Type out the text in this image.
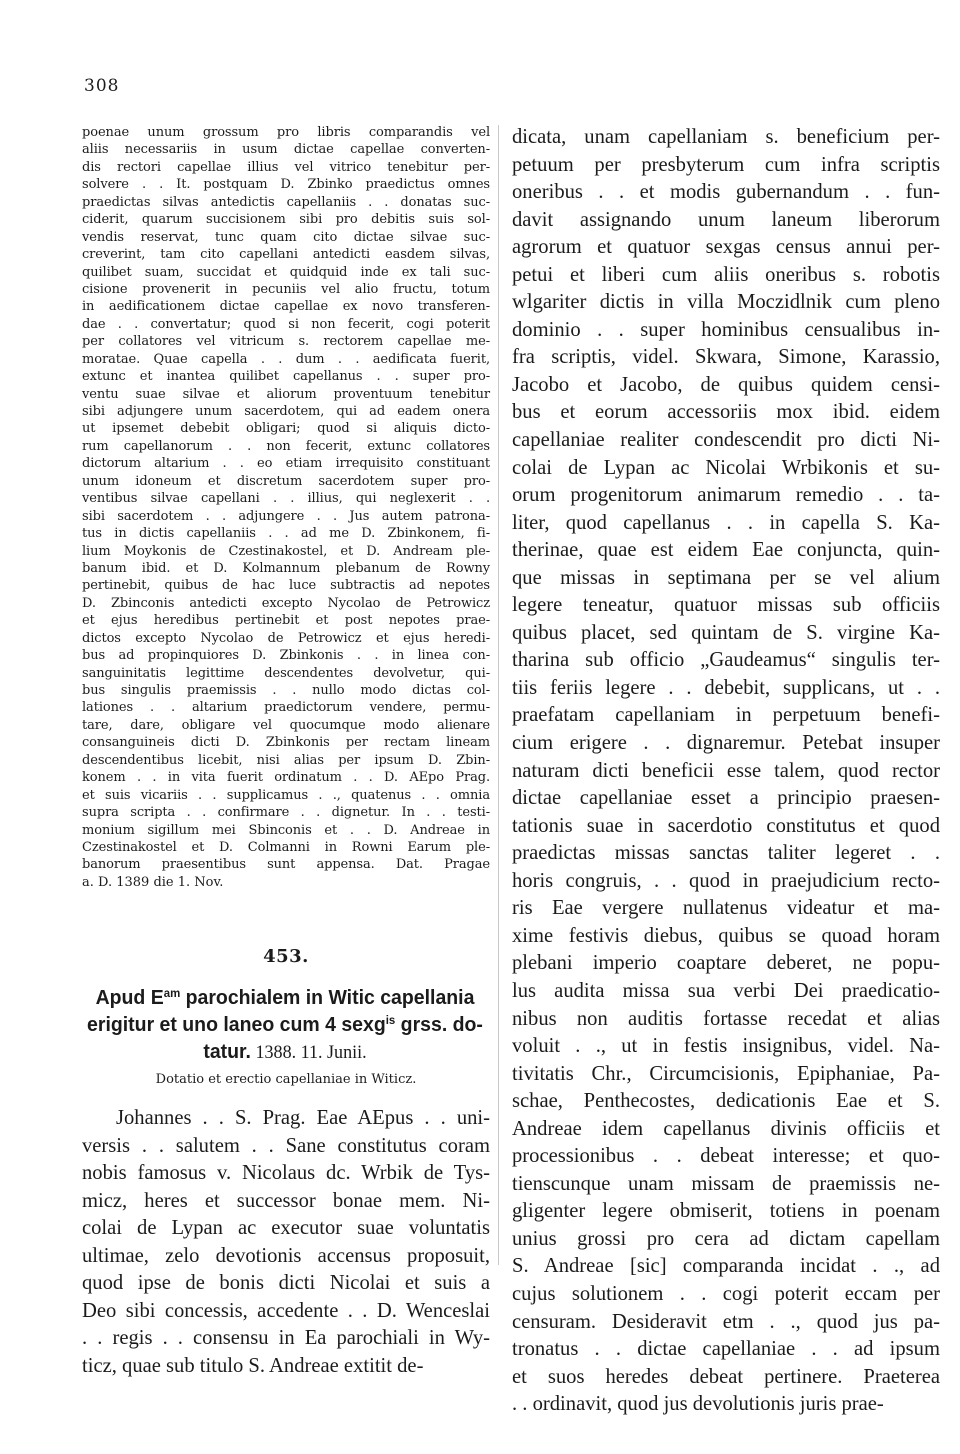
308
poenae unum grossum pro libris comparandis vel
aliis necessariis in usum dictae capellae converten-
dis rectori capellae illius vel vitrico tenebitur per-
solvere . . It. postquam D. Zbinko praedictus omnes
praedictas silvas antedictis capellaniis . . donatas suc-
ciderit, quarum succisionem sibi pro debitis suis sol-
vendis reservat, tunc quam cito dictae silvae suc-
creverint, tam cito capellani antedicti easdem silvas,
quilibet suam, succidat et quidquid inde ex tali suc-
cisione provenerit in pecuniis vel alio fructu, totum
in aedificationem dictae capellae ex novo transferen-
dae . . convertatur; quod si non fecerit, cogi poterit
per collatores vel vitricum s. rectorem capellae me-
moratae. Quae capella . . dum . . aedificata fuerit,
extunc et inantea quilibet capellanus . . super pro-
ventu suae silvae et aliorum proventuum tenebitur
sibi adjungere unum sacerdotem, qui ad eadem onera
ut ipsemet debebit obligari; quod si aliquis dicto-
rum capellanorum . . non fecerit, extunc collatores
dictorum altarium . . eo etiam irrequisito constituant
unum idoneum et discretum sacerdotem super pro-
ventibus silvae capellani . . illius, qui neglexerit . .
sibi sacerdotem . . adjungere . . Jus autem patrona-
tus in dictis capellaniis . . ad me D. Zbinkonem, fi-
lium Moykonis de Czestinakostel, et D. Andream ple-
banum ibid. et D. Kolmannum plebanum de Rowny
pertinebit, quibus de hac luce subtractis ad nepotes
D. Zbinconis antedicti excepto Nycolao de Petrowicz
et ejus heredibus pertinebit et post nepotes prae-
dictos excepto Nycolao de Petrowicz et ejus heredi-
bus ad propinquiores D. Zbinkonis . . in linea con-
sanguinitatis legittime descendentes devolvetur, qui-
bus singulis praemissis . . nullo modo dictas col-
lationes . . altarium praedictorum vendere, permu-
tare, dare, obligare vel quocumque modo alienare
consanguineis dicti D. Zbinkonis per rectam lineam
descendentibus licebit, nisi alias per ipsum D. Zbin-
konem . . in vita fuerit ordinatum . . D. AEpo Prag.
et suis vicariis . . supplicamus . ., quatenus . . omnia
supra scripta . . confirmare . . dignetur. In . . testi-
monium sigillum mei Sbinconis et . . D. Andreae in
Czestinakostel et D. Colmanni in Rowni Earum ple-
banorum praesentibus sunt appensa. Dat. Pragae
a. D. 1389 die 1. Nov.
453.
Apud $E^{am}$ parochialem in Witic capellania
erigitur et uno laneo cum 4 sexg$^{is}$ grss. do-
tatur. 1388. 11. Junii.
Dotatio et erectio capellaniae in Witicz.
Johannes . . S. Prag. Eae AEpus . . uni-
versis . . salutem . . Sane constitutus coram
nobis famosus v. Nicolaus dc. Wrbik de Tys-
micz, heres et successor bonae mem. Ni-
colai de Lypan ac executor suae voluntatis
ultimae, zelo devotionis accensus proposuit,
quod ipse de bonis dicti Nicolai et suis a
Deo sibi concessis, accedente . . D. Wenceslai
. . regis . . consensu in Ea parochiali in Wy-
ticz, quae sub titulo S. Andreae extitit de-
dicata, unam capellaniam s. beneficium per-
petuum per presbyterum cum infra scriptis
oneribus . . et modis gubernandum . . fun-
davit assignando unum laneum liberorum
agrorum et quatuor sexgas census annui per-
petui et liberi cum aliis oneribus s. robotis
wlgariter dictis in villa Moczidlnik cum pleno
dominio . . super hominibus censualibus in-
fra scriptis, videl. Skwara, Simone, Karassio,
Jacobo et Jacobo, de quibus quidem censi-
bus et eorum accessoriis mox ibid. eidem
capellaniae realiter condescendit pro dicti Ni-
colai de Lypan ac Nicolai Wrbikonis et su-
orum progenitorum animarum remedio . . ta-
liter, quod capellanus . . in capella S. Ka-
therinae, quae est eidem Eae conjuncta, quin-
que missas in septimana per se vel alium
legere teneatur, quatuor missas sub officiis
quibus placet, sed quintam de S. virgine Ka-
tharina sub officio „Gaudeamus“ singulis ter-
tiis feriis legere . . debebit, supplicans, ut . .
praefatam capellaniam in perpetuum benefi-
cium erigere . . dignaremur. Petebat insuper
naturam dicti beneficii esse talem, quod rector
dictae capellaniae esset a principio praesen-
tationis suae in sacerdotio constitutus et quod
praedictas missas sanctas taliter legeret . .
horis congruis, . . quod in praejudicium recto-
ris Eae vergere nullatenus videatur et ma-
xime festivis diebus, quibus se quoad horam
plebani imperio coaptare deberet, ne popu-
lus audita missa sua verbi Dei praedicatio-
nibus non auditis fortasse recedat et alias
voluit . ., ut in festis insignibus, videl. Na-
tivitatis Chr., Circumcisionis, Epiphaniae, Pa-
schae, Penthecostes, dedicationis Eae et S.
Andreae idem capellanus divinis officiis et
processionibus . . debeat interesse; et quo-
tienscunque unam missam de praemissis ne-
gligenter legere obmiserit, totiens in poenam
unius grossi pro cera ad dictam capellam
S. Andreae [sic] comparanda incidat . ., ad
cujus solutionem . . cogi poterit eccam per
censuram. Desideravit etm . ., quod jus pa-
tronatus . . dictae capellaniae . . ad ipsum
et suos heredes debeat pertinere. Praeterea
. . ordinavit, quod jus devolutionis juris prae-
